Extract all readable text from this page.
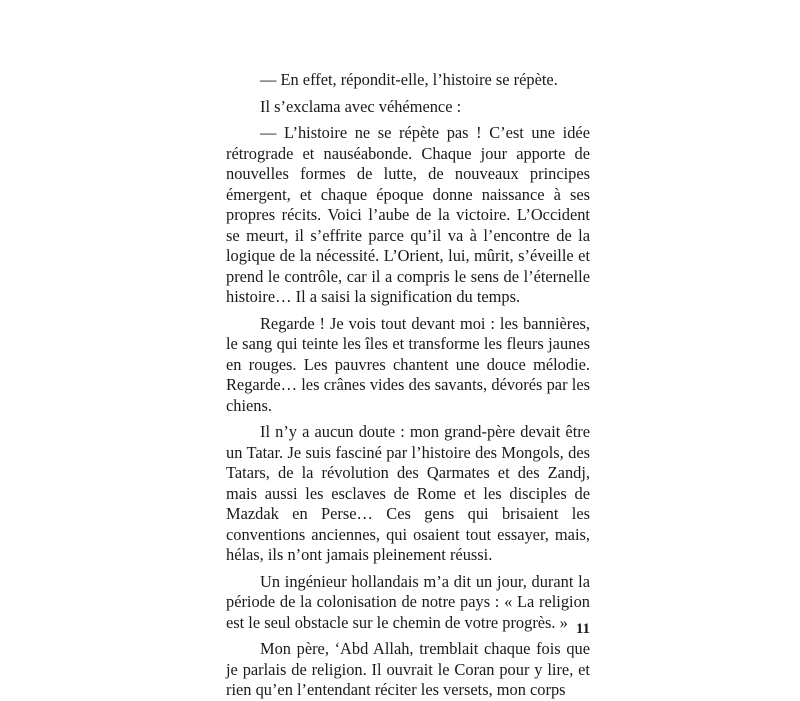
— En effet, répondit-elle, l’histoire se répète.

Il s’exclama avec véhémence :

— L’histoire ne se répète pas ! C’est une idée rétrograde et nauséabonde. Chaque jour apporte de nouvelles formes de lutte, de nouveaux principes émergent, et chaque époque donne naissance à ses propres récits. Voici l’aube de la victoire. L’Occident se meurt, il s’effrite parce qu’il va à l’encontre de la logique de la nécessité. L’Orient, lui, mûrit, s’éveille et prend le contrôle, car il a compris le sens de l’éternelle histoire… Il a saisi la signification du temps.

Regarde ! Je vois tout devant moi : les bannières, le sang qui teinte les îles et transforme les fleurs jaunes en rouges. Les pauvres chantent une douce mélodie. Regarde… les crânes vides des savants, dévorés par les chiens.

Il n’y a aucun doute : mon grand-père devait être un Tatar. Je suis fasciné par l’histoire des Mongols, des Tatars, de la révolution des Qarmates et des Zandj, mais aussi les esclaves de Rome et les disciples de Mazdak en Perse… Ces gens qui brisaient les conventions anciennes, qui osaient tout essayer, mais, hélas, ils n’ont jamais pleinement réussi.

Un ingénieur hollandais m’a dit un jour, durant la période de la colonisation de notre pays : « La religion est le seul obstacle sur le chemin de votre progrès. »

Mon père, ‘Abd Allah, tremblait chaque fois que je parlais de religion. Il ouvrait le Coran pour y lire, et rien qu’en l’entendant réciter les versets, mon corps

11
